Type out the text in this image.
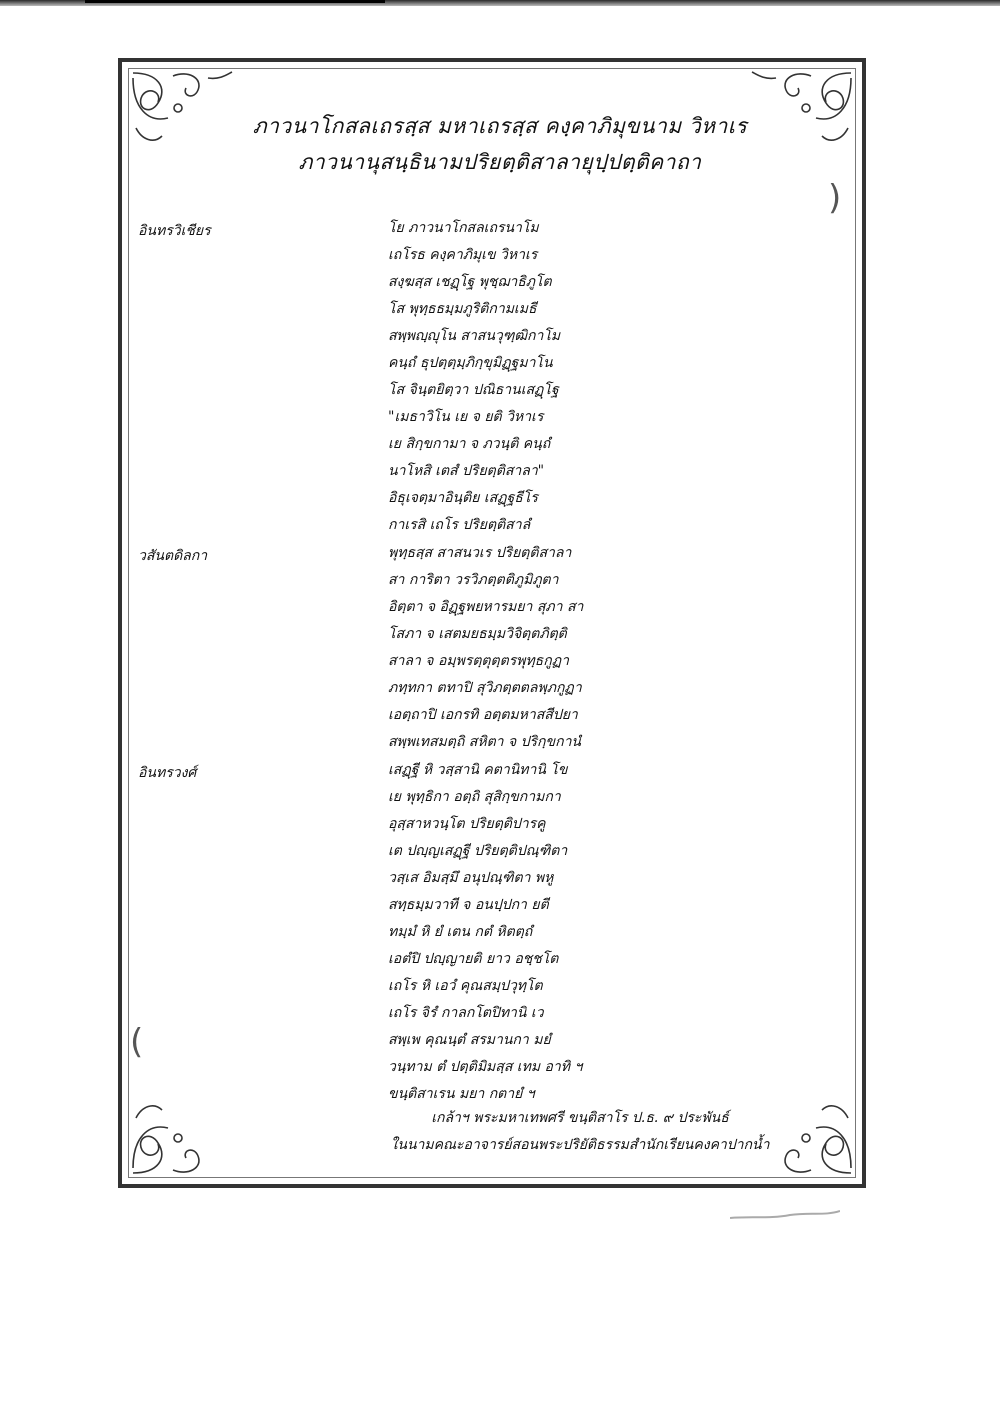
)
(
ภาวนาโกสลเถรสฺส มหาเถรสฺส คงฺคาภิมุขนาม วิหาเร
ภาวนานุสนฺธินามปริยตฺติสาลายุปฺปตฺติคาถา
อินทรวิเชียร	โย ภาวนาโกสลเถรนาโม
เถโรธ คงฺคาภิมุเข วิหาเร
สงฺฆสฺส เชฏฺโฐ พุชฺฌาธิภูโต
โส พุทฺธธมฺมภูริติกามเมธี
สพฺพญฺญุโน สาสนวุฑฺฒิกาโม
คนฺถํ ธุปตฺตฺมฺภิกฺขุมิฏฺฐมาโน
โส จินฺตยิตฺวา ปณิธานเสฏฺโฐ
"เมธาวิโน เย จ ยติ วิหาเร
เย สิกฺขกามา จ ภวนฺติ คนฺถํ
นาโหสิ เตสํ ปริยตฺติสาลา"
อิธุเจตฺมาอินฺติย เสฏฺฐธีโร
กาเรสิ เถโร ปริยตฺติสาลํ
วสันตดิลกา	พุทฺธสฺส สาสนวเร ปริยตฺติสาลา
สา การิตา วรวิภตฺตติภูมิภูตา
อิตฺตา จ อิฏฺฐพยหารมยา สุภา สา
โสภา จ เสตมยธมฺมวิจิตฺตภิตฺติ
สาลา จ อมฺพรตฺตุตฺตรพุทฺธกูฏา
ภทฺทกา ตทาปิ สุวิภตฺตตลพฺภกูฏา
เอตฺถาปิ เอกรทิ อตฺตมหาสสีปยา
สพฺพเทสมตฺถิ สหิตา จ ปริกฺขกานํ
อินทรวงศ์	เสฏฺฐี หิ วสฺสานิ คตานิทานิ โข
เย พุทฺธิกา อตฺถิ สุสิกฺขกามกา
อุสฺสาหวนฺโต ปริยตฺติปารคู
เต ปญฺญเสฏฺฐี ปริยตฺติปณฺฑิตา
วสฺเส อิมสฺมึ อนุปณฺฑิตา พหู
สทฺธมฺมวาที จ อนปฺปกา ยตี
ทมฺมํ หิ ยํ เตน กตํ หิตตฺถํ
เอตํปิ ปญฺญายติ ยาว อชฺชโต
เถโร หิ เอวํ คุณสมฺปวุทฺโต
เถโร จิรํ กาลกโตปิทานิ เว
สพฺเพ คุณนฺตํ สรมานกา มยํ
วนฺทาม ตํ ปตฺติมิมสฺส เทม อาทิ ฯ
ขนฺติสาเรน มยา กตายํ ฯ
เกล้าฯ พระมหาเทพศรี ขนฺติสาโร ป.ธ. ๙ ประพันธ์
ในนามคณะอาจารย์สอนพระปริยัติธรรมสำนักเรียนคงคาปากน้ำ
